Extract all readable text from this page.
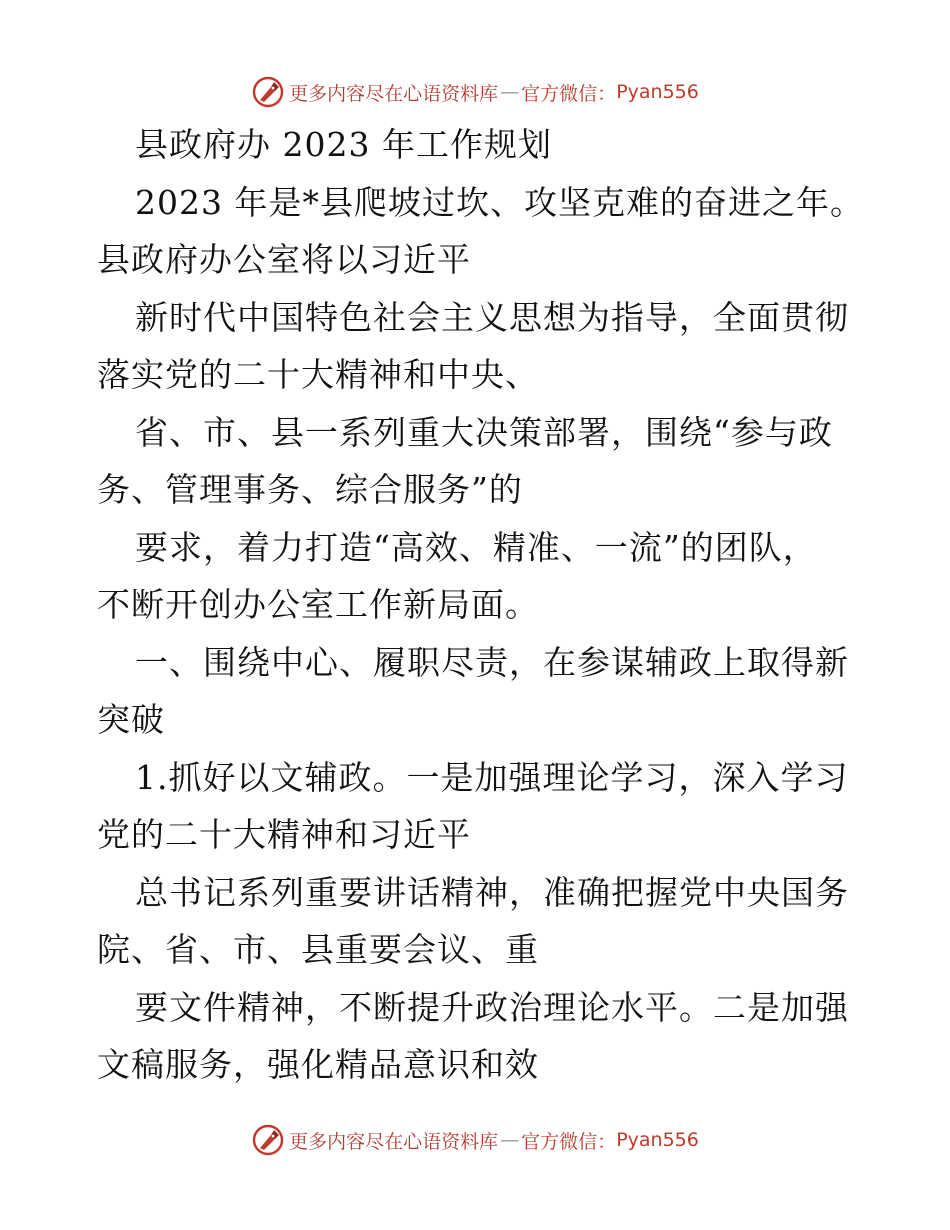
更多内容尽在心语资料库 — 官方微信： Pyan556

县政府办 2023 年工作规划

2023 年是*县爬坡过坎、攻坚克难的奋进之年。

县政府办公室将以习近平

新时代中国特色社会主义思想为指导，全面贯彻

落实党的二十大精神和中央、

省、市、县一系列重大决策部署，围绕“参与政

务、管理事务、综合服务”的

要求，着力打造“高效、精准、一流”的团队，

不断开创办公室工作新局面。

一、围绕中心、履职尽责，在参谋辅政上取得新

突破

1.抓好以文辅政。一是加强理论学习，深入学习

党的二十大精神和习近平

总书记系列重要讲话精神，准确把握党中央国务

院、省、市、县重要会议、重

要文件精神，不断提升政治理论水平。二是加强

文稿服务，强化精品意识和效

更多内容尽在心语资料库 — 官方微信： Pyan556
